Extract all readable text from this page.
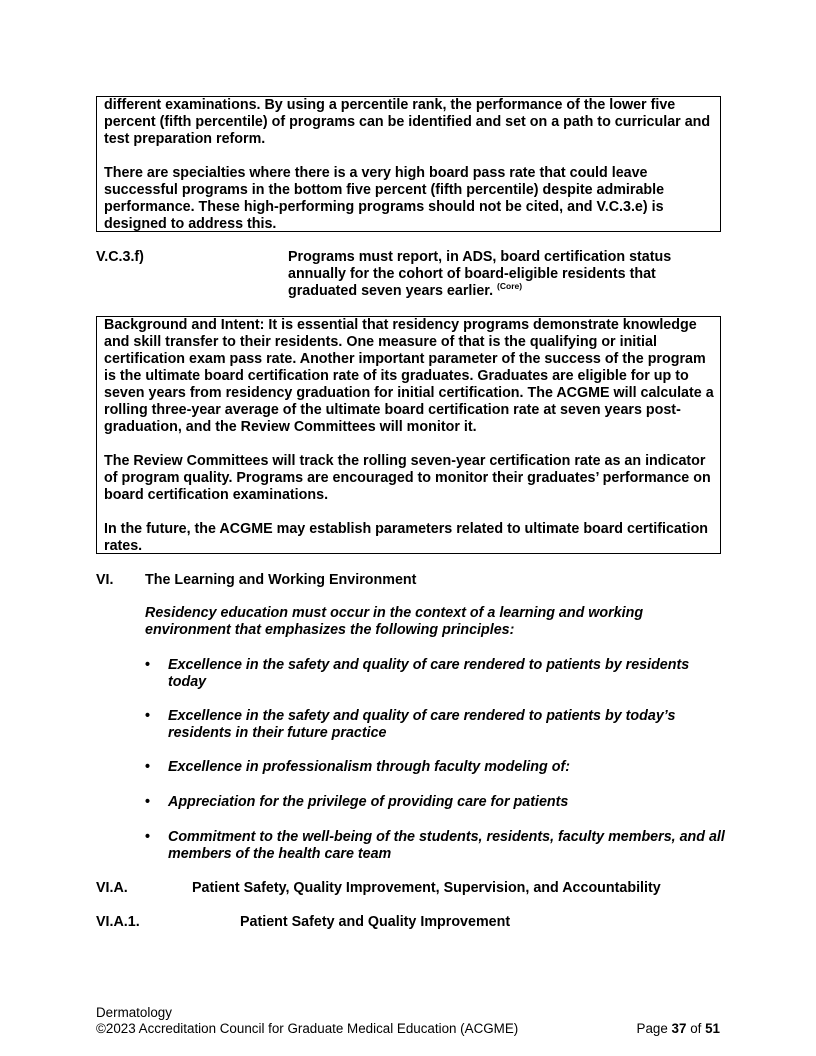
different examinations. By using a percentile rank, the performance of the lower five percent (fifth percentile) of programs can be identified and set on a path to curricular and test preparation reform.

There are specialties where there is a very high board pass rate that could leave successful programs in the bottom five percent (fifth percentile) despite admirable performance. These high-performing programs should not be cited, and V.C.3.e) is designed to address this.

V.C.3.f)	Programs must report, in ADS, board certification status annually for the cohort of board-eligible residents that graduated seven years earlier. $^{(Core)}$

Background and Intent: It is essential that residency programs demonstrate knowledge and skill transfer to their residents. One measure of that is the qualifying or initial certification exam pass rate. Another important parameter of the success of the program is the ultimate board certification rate of its graduates. Graduates are eligible for up to seven years from residency graduation for initial certification. The ACGME will calculate a rolling three-year average of the ultimate board certification rate at seven years post-graduation, and the Review Committees will monitor it.

The Review Committees will track the rolling seven-year certification rate as an indicator of program quality. Programs are encouraged to monitor their graduates’ performance on board certification examinations.

In the future, the ACGME may establish parameters related to ultimate board certification rates.

VI. The Learning and Working Environment
Residency education must occur in the context of a learning and working environment that emphasizes the following principles:
• Excellence in the safety and quality of care rendered to patients by residents today
• Excellence in the safety and quality of care rendered to patients by today’s residents in their future practice
• Excellence in professionalism through faculty modeling of:
• Appreciation for the privilege of providing care for patients
• Commitment to the well-being of the students, residents, faculty members, and all members of the health care team
VI.A.	Patient Safety, Quality Improvement, Supervision, and Accountability
VI.A.1.	Patient Safety and Quality Improvement
Dermatology
©2023 Accreditation Council for Graduate Medical Education (ACGME)	Page 37 of 51
